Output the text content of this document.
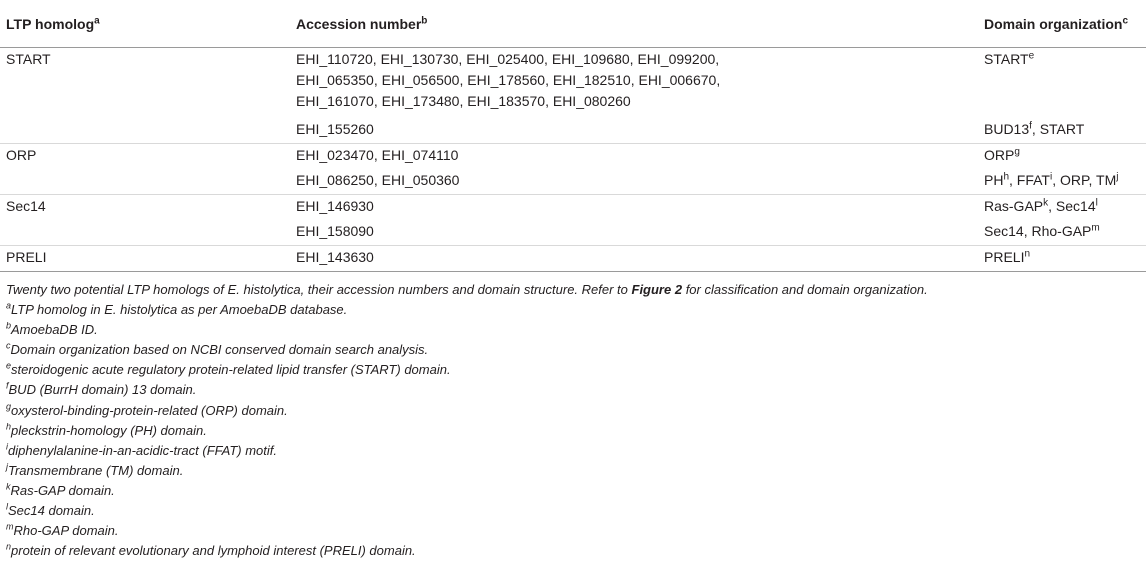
LTP homolog$^a$	Accession number$^b$	Domain organization$^c$
START	EHI_110720, EHI_130730, EHI_025400, EHI_109680, EHI_099200,
EHI_065350, EHI_056500, EHI_178560, EHI_182510, EHI_006670,
EHI_161070, EHI_173480, EHI_183570, EHI_080260	START$^e$
	EHI_155260	BUD13$^f$, START
ORP	EHI_023470, EHI_074110	ORP$^g$
	EHI_086250, EHI_050360	$PH^h$, FFAT$^i$, ORP, $TM^j$
Sec14	EHI_146930	Ras-GAP$^k$, Sec14$^l$
	EHI_158090	Sec14, Rho-GAP$^m$
PRELI	EHI_143630	PRELI$^n$
Twenty two potential LTP homologs of E. histolytica, their accession numbers and domain structure. Refer to Figure 2 for classification and domain organization.
$^a$LTP homolog in E. histolytica as per AmoebaDB database.
$^b$AmoebaDB ID.
$^c$Domain organization based on NCBI conserved domain search analysis.
$^e$steroidogenic acute regulatory protein-related lipid transfer (START) domain.
$^f$BUD (BurrH domain) 13 domain.
$^g$oxysterol-binding-protein-related (ORP) domain.
$^h$pleckstrin-homology (PH) domain.
$^i$diphenylalanine-in-an-acidic-tract (FFAT) motif.
$^j$Transmembrane (TM) domain.
$^k$Ras-GAP domain.
$^l$Sec14 domain.
$^m$Rho-GAP domain.
$^n$protein of relevant evolutionary and lymphoid interest (PRELI) domain.
